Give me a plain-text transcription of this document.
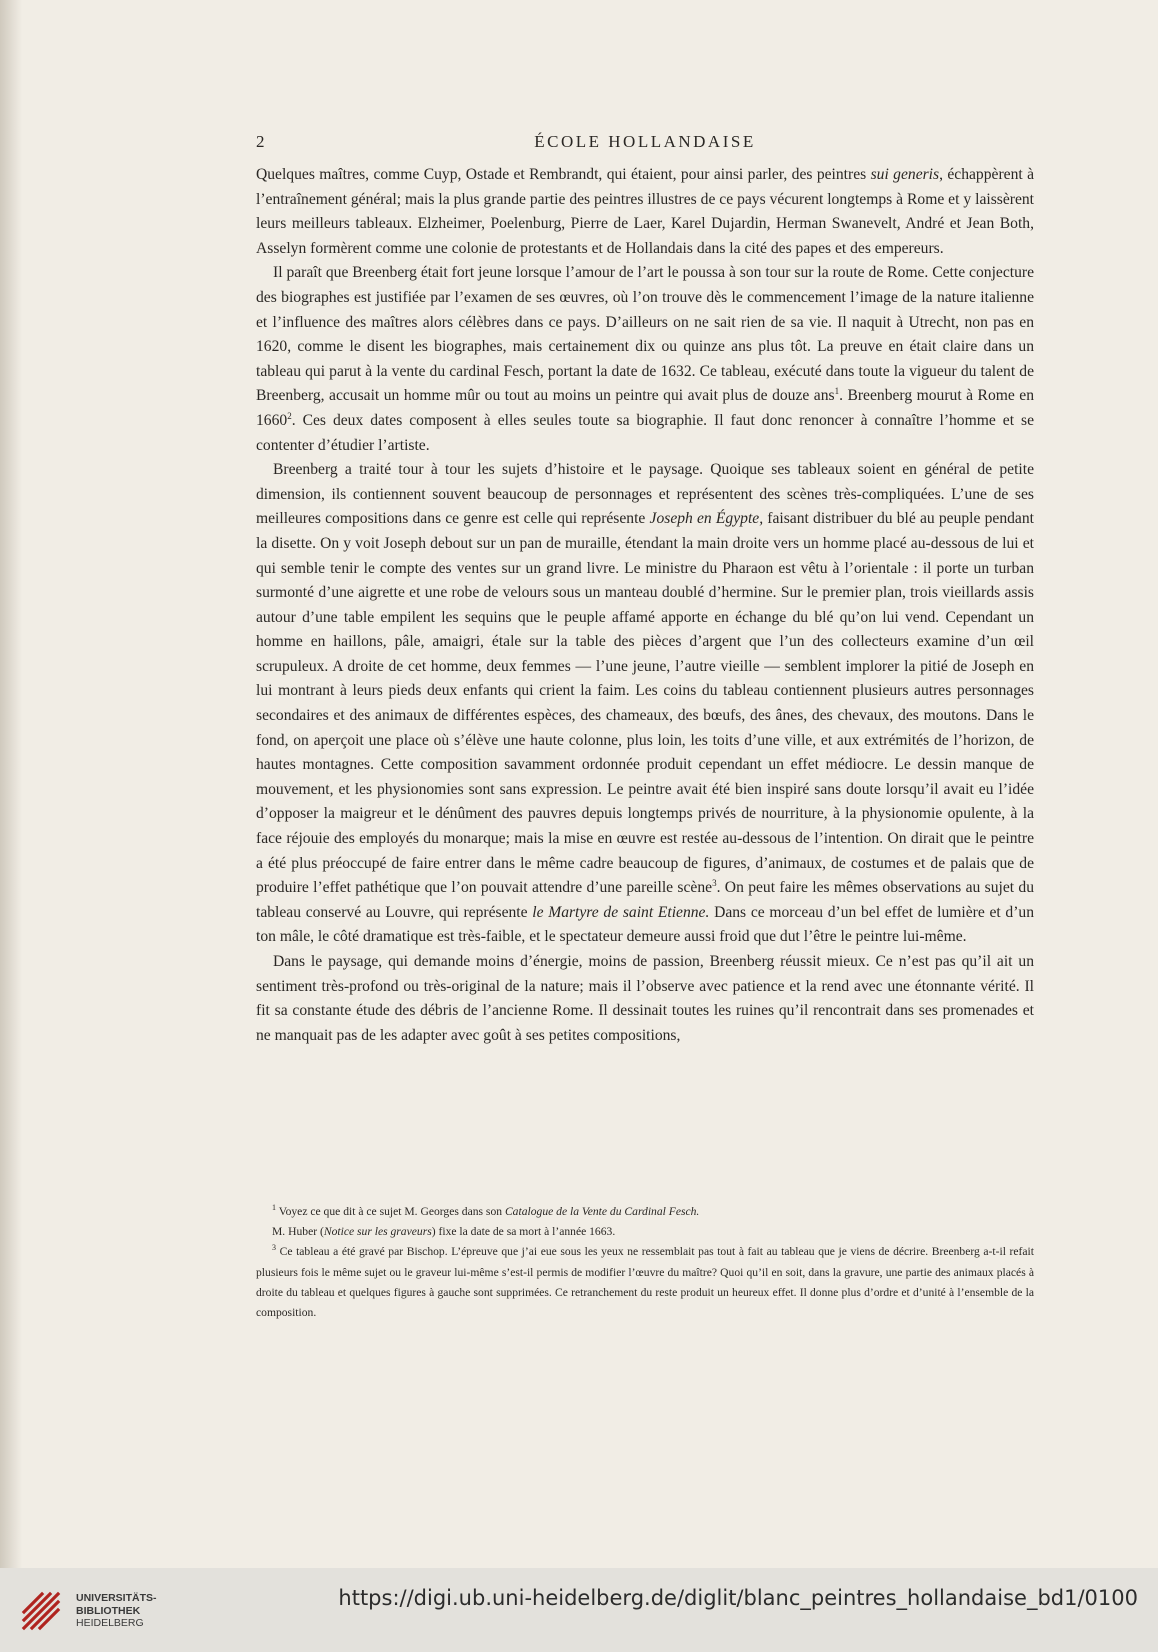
2	ÉCOLE HOLLANDAISE

Quelques maîtres, comme Cuyp, Ostade et Rembrandt, qui étaient, pour ainsi parler, des peintres sui generis, échappèrent à l’entraînement général; mais la plus grande partie des peintres illustres de ce pays vécurent longtemps à Rome et y laissèrent leurs meilleurs tableaux. Elzheimer, Poelenburg, Pierre de Laer, Karel Dujardin, Herman Swanevelt, André et Jean Both, Asselyn formèrent comme une colonie de protestants et de Hollandais dans la cité des papes et des empereurs.

Il paraît que Breenberg était fort jeune lorsque l’amour de l’art le poussa à son tour sur la route de Rome. Cette conjecture des biographes est justifiée par l’examen de ses œuvres, où l’on trouve dès le commencement l’image de la nature italienne et l’influence des maîtres alors célèbres dans ce pays. D’ailleurs on ne sait rien de sa vie. Il naquit à Utrecht, non pas en 1620, comme le disent les biographes, mais certainement dix ou quinze ans plus tôt. La preuve en était claire dans un tableau qui parut à la vente du cardinal Fesch, portant la date de 1632. Ce tableau, exécuté dans toute la vigueur du talent de Breenberg, accusait un homme mûr ou tout au moins un peintre qui avait plus de douze ans$^1$. Breenberg mourut à Rome en 1660$^2$. Ces deux dates composent à elles seules toute sa biographie. Il faut donc renoncer à connaître l’homme et se contenter d’étudier l’artiste.

Breenberg a traité tour à tour les sujets d’histoire et le paysage. Quoique ses tableaux soient en général de petite dimension, ils contiennent souvent beaucoup de personnages et représentent des scènes très-compliquées. L’une de ses meilleures compositions dans ce genre est celle qui représente Joseph en Égypte, faisant distribuer du blé au peuple pendant la disette. On y voit Joseph debout sur un pan de muraille, étendant la main droite vers un homme placé au-dessous de lui et qui semble tenir le compte des ventes sur un grand livre. Le ministre du Pharaon est vêtu à l’orientale : il porte un turban surmonté d’une aigrette et une robe de velours sous un manteau doublé d’hermine. Sur le premier plan, trois vieillards assis autour d’une table empilent les sequins que le peuple affamé apporte en échange du blé qu’on lui vend. Cependant un homme en haillons, pâle, amaigri, étale sur la table des pièces d’argent que l’un des collecteurs examine d’un œil scrupuleux. A droite de cet homme, deux femmes — l’une jeune, l’autre vieille — semblent implorer la pitié de Joseph en lui montrant à leurs pieds deux enfants qui crient la faim. Les coins du tableau contiennent plusieurs autres personnages secondaires et des animaux de différentes espèces, des chameaux, des bœufs, des ânes, des chevaux, des moutons. Dans le fond, on aperçoit une place où s’élève une haute colonne, plus loin, les toits d’une ville, et aux extrémités de l’horizon, de hautes montagnes. Cette composition savamment ordonnée produit cependant un effet médiocre. Le dessin manque de mouvement, et les physionomies sont sans expression. Le peintre avait été bien inspiré sans doute lorsqu’il avait eu l’idée d’opposer la maigreur et le dénûment des pauvres depuis longtemps privés de nourriture, à la physionomie opulente, à la face réjouie des employés du monarque; mais la mise en œuvre est restée au-dessous de l’intention. On dirait que le peintre a été plus préoccupé de faire entrer dans le même cadre beaucoup de figures, d’animaux, de costumes et de palais que de produire l’effet pathétique que l’on pouvait attendre d’une pareille scène$^3$. On peut faire les mêmes observations au sujet du tableau conservé au Louvre, qui représente le Martyre de saint Etienne. Dans ce morceau d’un bel effet de lumière et d’un ton mâle, le côté dramatique est très-faible, et le spectateur demeure aussi froid que dut l’être le peintre lui-même.

Dans le paysage, qui demande moins d’énergie, moins de passion, Breenberg réussit mieux. Ce n’est pas qu’il ait un sentiment très-profond ou très-original de la nature; mais il l’observe avec patience et la rend avec une étonnante vérité. Il fit sa constante étude des débris de l’ancienne Rome. Il dessinait toutes les ruines qu’il rencontrait dans ses promenades et ne manquait pas de les adapter avec goût à ses petites compositions,

$^1$ Voyez ce que dit à ce sujet M. Georges dans son Catalogue de la Vente du Cardinal Fesch.

M. Huber (Notice sur les graveurs) fixe la date de sa mort à l’année 1663.

$^3$ Ce tableau a été gravé par Bischop. L’épreuve que j’ai eue sous les yeux ne ressemblait pas tout à fait au tableau que je viens de décrire. Breenberg a-t-il refait plusieurs fois le même sujet ou le graveur lui-même s’est-il permis de modifier l’œuvre du maître? Quoi qu’il en soit, dans la gravure, une partie des animaux placés à droite du tableau et quelques figures à gauche sont supprimées. Ce retranchement du reste produit un heureux effet. Il donne plus d’ordre et d’unité à l’ensemble de la composition.

UNIVERSITÄTS-
BIBLIOTHEK
HEIDELBERG
https://digi.ub.uni-heidelberg.de/diglit/blanc_peintres_hollandaise_bd1/0100
